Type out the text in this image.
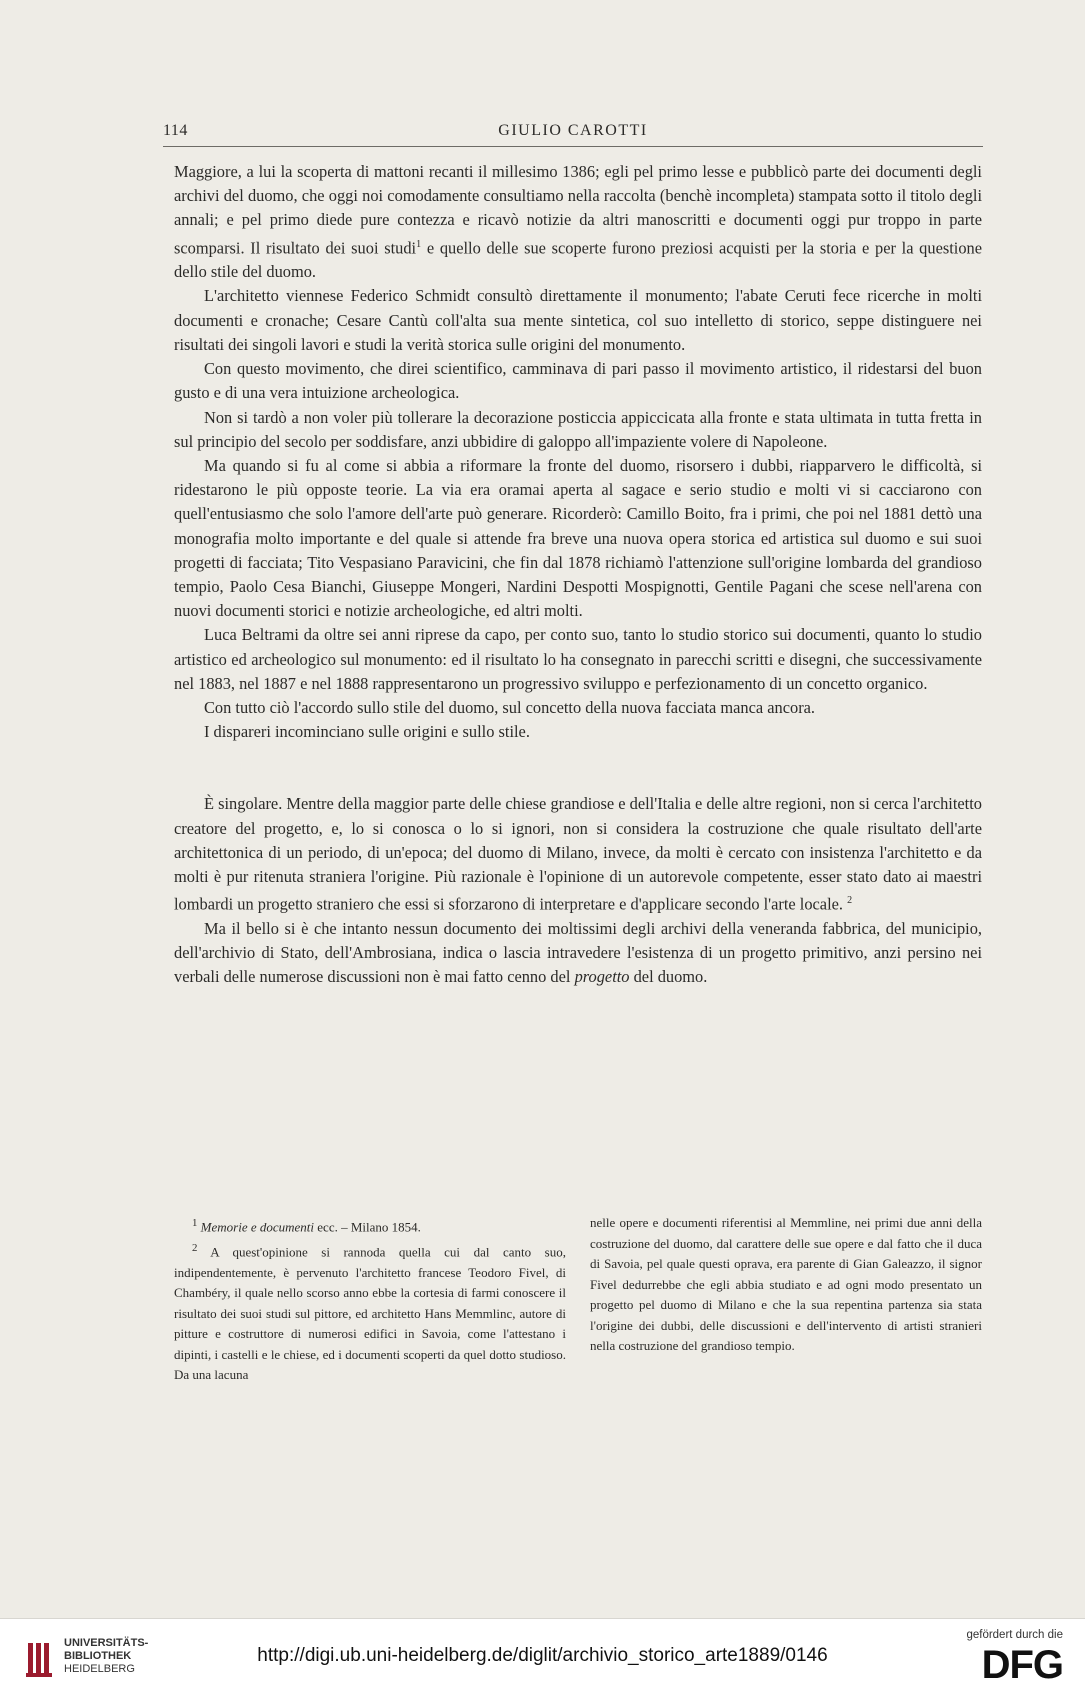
114	GIULIO CAROTTI

Maggiore, a lui la scoperta di mattoni recanti il millesimo 1386; egli pel primo lesse e pubblicò parte dei documenti degli archivi del duomo, che oggi noi comodamente consultiamo nella raccolta (benchè incompleta) stampata sotto il titolo degli annali; e pel primo diede pure contezza e ricavò notizie da altri manoscritti e documenti oggi pur troppo in parte scomparsi. Il risultato dei suoi studi$^1$ e quello delle sue scoperte furono preziosi acquisti per la storia e per la questione dello stile del duomo.

L'architetto viennese Federico Schmidt consultò direttamente il monumento; l'abate Ceruti fece ricerche in molti documenti e cronache; Cesare Cantù coll'alta sua mente sintetica, col suo intelletto di storico, seppe distinguere nei risultati dei singoli lavori e studi la verità storica sulle origini del monumento.

Con questo movimento, che direi scientifico, camminava di pari passo il movimento artistico, il ridestarsi del buon gusto e di una vera intuizione archeologica.

Non si tardò a non voler più tollerare la decorazione posticcia appiccicata alla fronte e stata ultimata in tutta fretta in sul principio del secolo per soddisfare, anzi ubbidire di galoppo all'impaziente volere di Napoleone.

Ma quando si fu al come si abbia a riformare la fronte del duomo, risorsero i dubbi, riapparvero le difficoltà, si ridestarono le più opposte teorie. La via era oramai aperta al sagace e serio studio e molti vi si cacciarono con quell'entusiasmo che solo l'amore dell'arte può generare. Ricorderò: Camillo Boito, fra i primi, che poi nel 1881 dettò una monografia molto importante e del quale si attende fra breve una nuova opera storica ed artistica sul duomo e sui suoi progetti di facciata; Tito Vespasiano Paravicini, che fin dal 1878 richiamò l'attenzione sull'origine lombarda del grandioso tempio, Paolo Cesa Bianchi, Giuseppe Mongeri, Nardini Despotti Mospignotti, Gentile Pagani che scese nell'arena con nuovi documenti storici e notizie archeologiche, ed altri molti.

Luca Beltrami da oltre sei anni riprese da capo, per conto suo, tanto lo studio storico sui documenti, quanto lo studio artistico ed archeologico sul monumento: ed il risultato lo ha consegnato in parecchi scritti e disegni, che successivamente nel 1883, nel 1887 e nel 1888 rappresentarono un progressivo sviluppo e perfezionamento di un concetto organico.

Con tutto ciò l'accordo sullo stile del duomo, sul concetto della nuova facciata manca ancora.

I dispareri incominciano sulle origini e sullo stile.

È singolare. Mentre della maggior parte delle chiese grandiose e dell'Italia e delle altre regioni, non si cerca l'architetto creatore del progetto, e, lo si conosca o lo si ignori, non si considera la costruzione che quale risultato dell'arte architettonica di un periodo, di un'epoca; del duomo di Milano, invece, da molti è cercato con insistenza l'architetto e da molti è pur ritenuta straniera l'origine. Più razionale è l'opinione di un autorevole competente, esser stato dato ai maestri lombardi un progetto straniero che essi si sforzarono di interpretare e d'applicare secondo l'arte locale. $^2$

Ma il bello si è che intanto nessun documento dei moltissimi degli archivi della veneranda fabbrica, del municipio, dell'archivio di Stato, dell'Ambrosiana, indica o lascia intravedere l'esistenza di un progetto primitivo, anzi persino nei verbali delle numerose discussioni non è mai fatto cenno del progetto del duomo.

$^1$ Memorie e documenti ecc. – Milano 1854.

$^2$ A quest'opinione si rannoda quella cui dal canto suo, indipendentemente, è pervenuto l'architetto francese Teodoro Fivel, di Chambéry, il quale nello scorso anno ebbe la cortesia di farmi conoscere il risultato dei suoi studi sul pittore, ed architetto Hans Memmlinc, autore di pitture e costruttore di numerosi edifici in Savoia, come l'attestano i dipinti, i castelli e le chiese, ed i documenti scoperti da quel dotto studioso. Da una lacuna

nelle opere e documenti riferentisi al Memmline, nei primi due anni della costruzione del duomo, dal carattere delle sue opere e dal fatto che il duca di Savoia, pel quale questi oprava, era parente di Gian Galeazzo, il signor Fivel dedurrebbe che egli abbia studiato e ad ogni modo presentato un progetto pel duomo di Milano e che la sua repentina partenza sia stata l'origine dei dubbi, delle discussioni e dell'intervento di artisti stranieri nella costruzione del grandioso tempio.

UNIVERSITÄTS-
BIBLIOTHEK
HEIDELBERG
http://digi.ub.uni-heidelberg.de/diglit/archivio_storico_arte1889/0146
gefördert durch die
DFG
